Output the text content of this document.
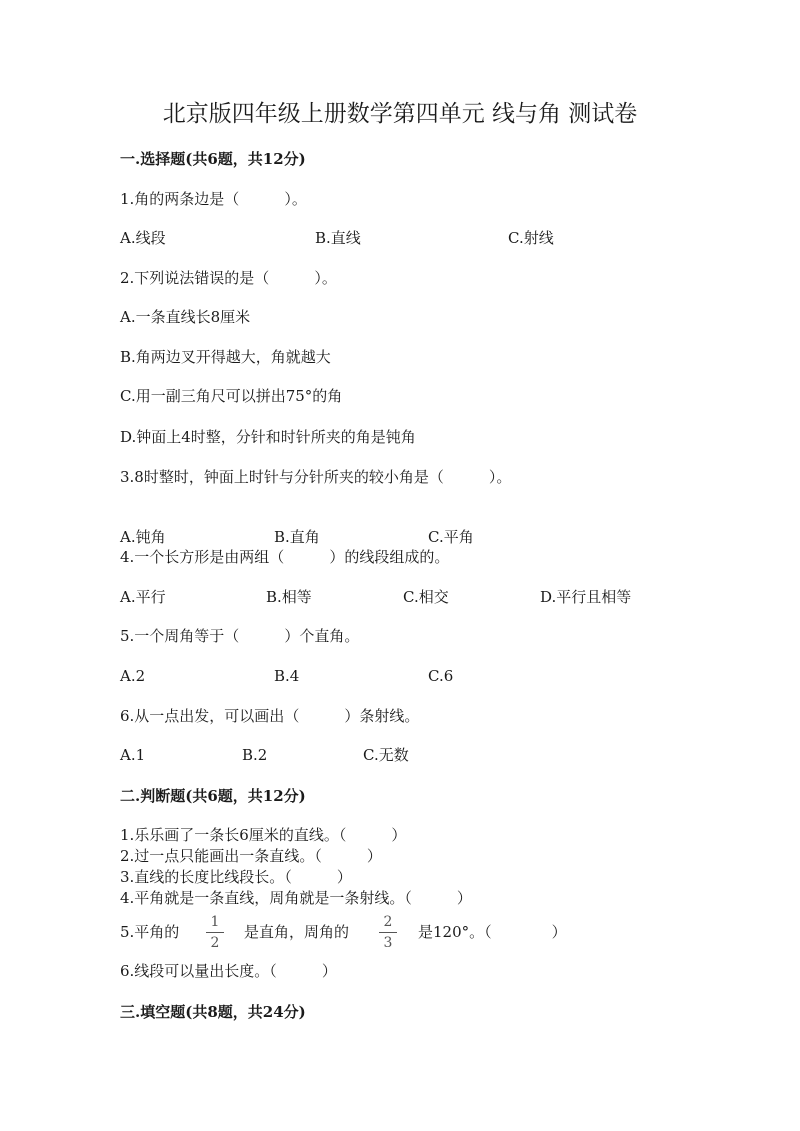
北京版四年级上册数学第四单元 线与角 测试卷
一.选择题(共6题，共12分)
1.角的两条边是（　　　）。
A.线段	B.直线	C.射线
2.下列说法错误的是（　　　）。
A.一条直线长8厘米
B.角两边叉开得越大，角就越大
C.用一副三角尺可以拼出75°的角
D.钟面上4时整，分针和时针所夹的角是钝角
3.8时整时，钟面上时针与分针所夹的较小角是（　　　）。
A.钝角	B.直角	C.平角
4.一个长方形是由两组（　　　）的线段组成的。
A.平行	B.相等	C.相交	D.平行且相等
5.一个周角等于（　　　）个直角。
A.2	B.4	C.6
6.从一点出发，可以画出（　　　）条射线。
A.1	B.2	C.无数
二.判断题(共6题，共12分)
1.乐乐画了一条长6厘米的直线。（　　　）
2.过一点只能画出一条直线。（　　　）
3.直线的长度比线段长。（　　　）
4.平角就是一条直线，周角就是一条射线。（　　　）
5.平角的
1
2
是直角，周角的
2
3
是120°。（　　　　）
6.线段可以量出长度。（　　　）
三.填空题(共8题，共24分)
